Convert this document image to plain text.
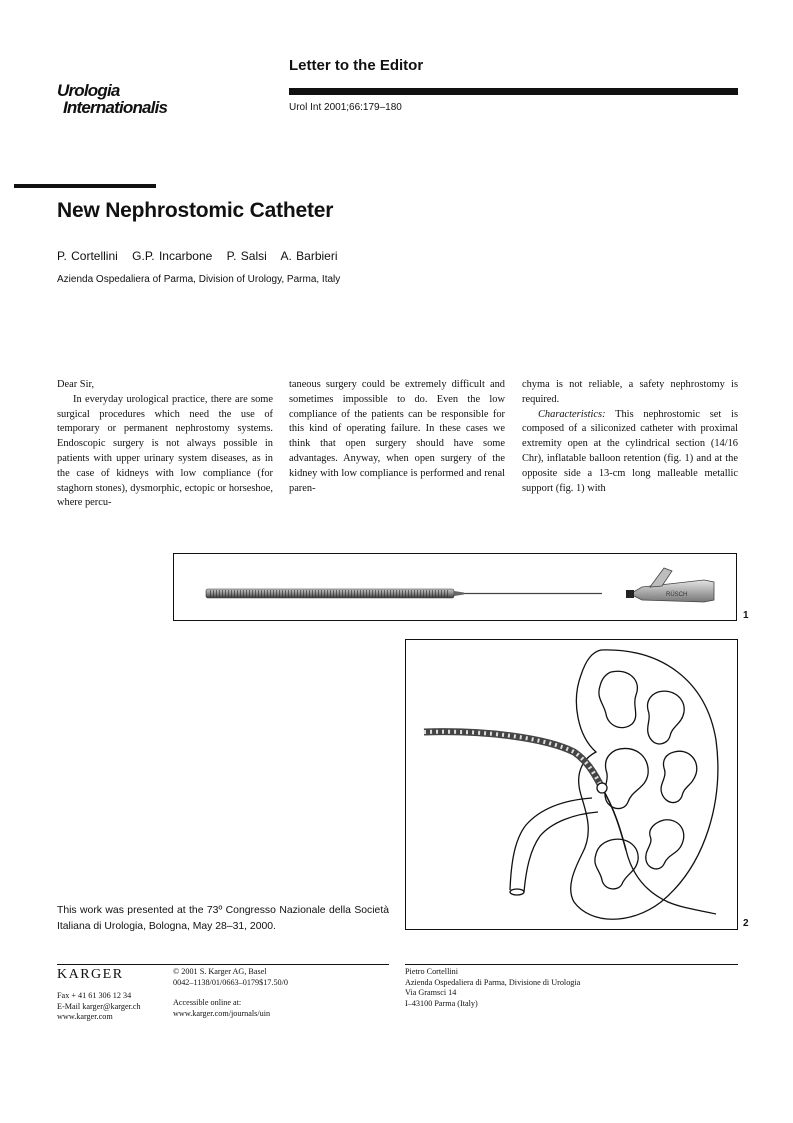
Urologia
Internationalis
Letter to the Editor
Urol Int 2001;66:179–180
New Nephrostomic Catheter
P. Cortellini G.P. Incarbone P. Salsi A. Barbieri
Azienda Ospedaliera of Parma, Division of Urology, Parma, Italy

Dear Sir,

In everyday urological practice, there are some surgical procedures which need the use of temporary or permanent nephrostomy systems. Endoscopic surgery is not always possible in patients with upper urinary system diseases, as in the case of kidneys with low compliance (for staghorn stones), dysmorphic, ectopic or horseshoe, where percu-

taneous surgery could be extremely difficult and sometimes impossible to do. Even the low compliance of the patients can be responsible for this kind of operating failure. In these cases we think that open surgery should have some advantages. Anyway, when open surgery of the kidney with low compliance is performed and renal paren-

chyma is not reliable, a safety nephrostomy is required.

Characteristics: This nephrostomic set is composed of a siliconized catheter with proximal extremity open at the cylindrical section (14/16 Chr), inflatable balloon retention (fig. 1) and at the opposite side a 13-cm long malleable metallic support (fig. 1) with

RÜSCH
1
2
This work was presented at the 73º Congresso Nazionale della Società Italiana di Urologia, Bologna, May 28–31, 2000.
KARGER
Fax + 41 61 306 12 34
E-Mail karger@karger.ch
www.karger.com
© 2001 S. Karger AG, Basel
0042–1138/01/0663–0179$17.50/0
Accessible online at:
www.karger.com/journals/uin
Pietro Cortellini
Azienda Ospedaliera di Parma, Divisione di Urologia
Via Gramsci 14
I–43100 Parma (Italy)
